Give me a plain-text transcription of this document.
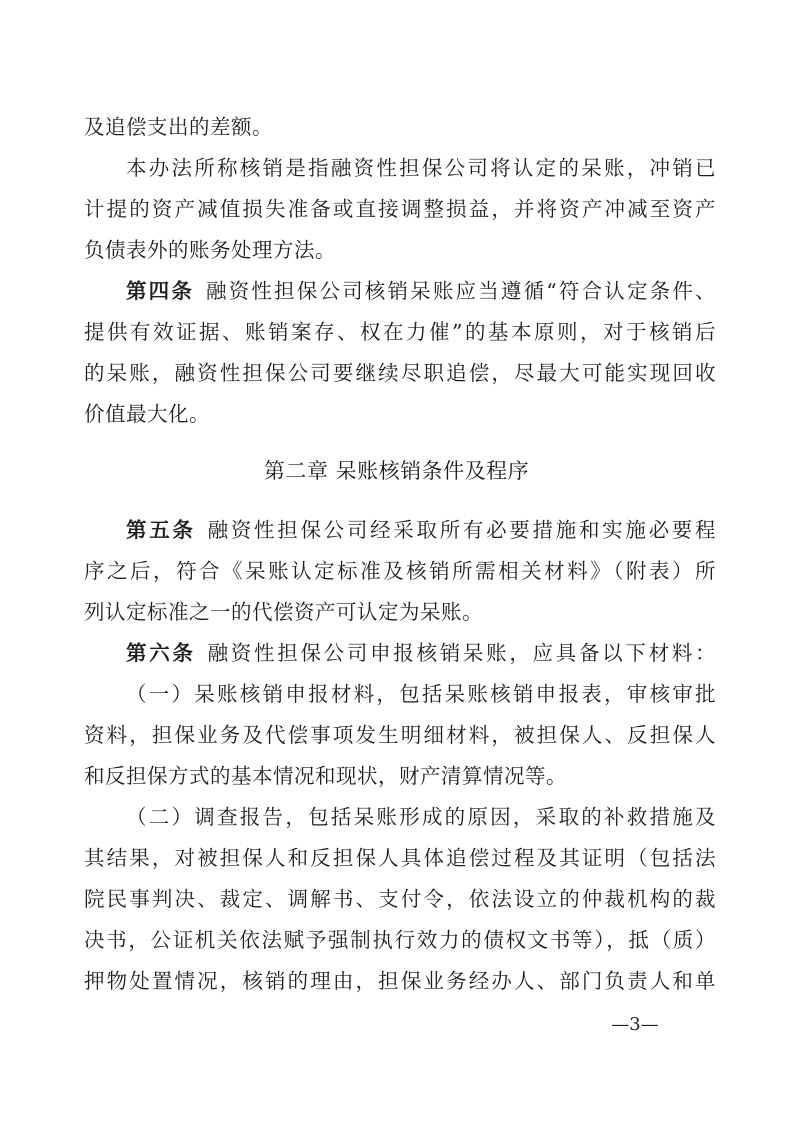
及追偿支出的差额。
本办法所称核销是指融资性担保公司将认定的呆账，冲销已
计提的资产减值损失准备或直接调整损益，并将资产冲减至资产
负债表外的账务处理方法。
第四条 融资性担保公司核销呆账应当遵循“符合认定条件、
提供有效证据、账销案存、权在力催”的基本原则，对于核销后
的呆账，融资性担保公司要继续尽职追偿，尽最大可能实现回收
价值最大化。
第二章 呆账核销条件及程序
第五条 融资性担保公司经采取所有必要措施和实施必要程
序之后，符合《呆账认定标准及核销所需相关材料》（附表）所
列认定标准之一的代偿资产可认定为呆账。
第六条 融资性担保公司申报核销呆账，应具备以下材料：
（一）呆账核销申报材料，包括呆账核销申报表，审核审批
资料，担保业务及代偿事项发生明细材料，被担保人、反担保人
和反担保方式的基本情况和现状，财产清算情况等。
（二）调查报告，包括呆账形成的原因，采取的补救措施及
其结果，对被担保人和反担保人具体追偿过程及其证明（包括法
院民事判决、裁定、调解书、支付令，依法设立的仲裁机构的裁
决书，公证机关依法赋予强制执行效力的债权文书等），抵（质）
押物处置情况，核销的理由，担保业务经办人、部门负责人和单
—3—
